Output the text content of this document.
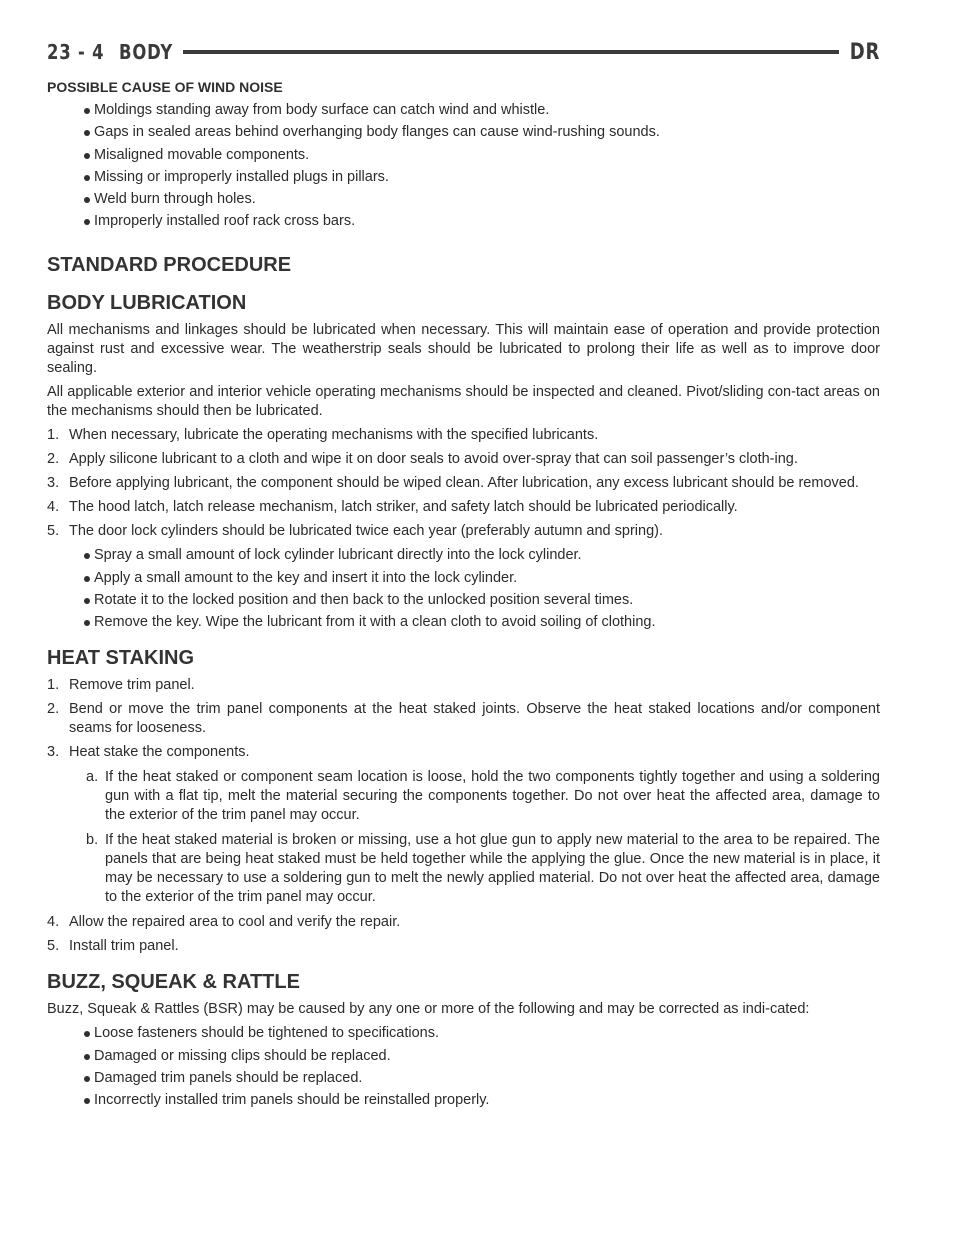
23 - 4 BODY	DR
POSSIBLE CAUSE OF WIND NOISE
Moldings standing away from body surface can catch wind and whistle.
Gaps in sealed areas behind overhanging body flanges can cause wind-rushing sounds.
Misaligned movable components.
Missing or improperly installed plugs in pillars.
Weld burn through holes.
Improperly installed roof rack cross bars.
STANDARD PROCEDURE
BODY LUBRICATION

All mechanisms and linkages should be lubricated when necessary. This will maintain ease of operation and provide protection against rust and excessive wear. The weatherstrip seals should be lubricated to prolong their life as well as to improve door sealing.

All applicable exterior and interior vehicle operating mechanisms should be inspected and cleaned. Pivot/sliding con-tact areas on the mechanisms should then be lubricated.

1. When necessary, lubricate the operating mechanisms with the specified lubricants.
2. Apply silicone lubricant to a cloth and wipe it on door seals to avoid over-spray that can soil passenger’s cloth-ing.
3. Before applying lubricant, the component should be wiped clean. After lubrication, any excess lubricant should be removed.
4. The hood latch, latch release mechanism, latch striker, and safety latch should be lubricated periodically.
5. The door lock cylinders should be lubricated twice each year (preferably autumn and spring).
Spray a small amount of lock cylinder lubricant directly into the lock cylinder.
Apply a small amount to the key and insert it into the lock cylinder.
Rotate it to the locked position and then back to the unlocked position several times.
Remove the key. Wipe the lubricant from it with a clean cloth to avoid soiling of clothing.
HEAT STAKING
1. Remove trim panel.
2. Bend or move the trim panel components at the heat staked joints. Observe the heat staked locations and/or component seams for looseness.
3. Heat stake the components.
a. If the heat staked or component seam location is loose, hold the two components tightly together and using a soldering gun with a flat tip, melt the material securing the components together. Do not over heat the affected area, damage to the exterior of the trim panel may occur.
b. If the heat staked material is broken or missing, use a hot glue gun to apply new material to the area to be repaired. The panels that are being heat staked must be held together while the applying the glue. Once the new material is in place, it may be necessary to use a soldering gun to melt the newly applied material. Do not over heat the affected area, damage to the exterior of the trim panel may occur.
4. Allow the repaired area to cool and verify the repair.
5. Install trim panel.
BUZZ, SQUEAK & RATTLE

Buzz, Squeak & Rattles (BSR) may be caused by any one or more of the following and may be corrected as indi-cated:

Loose fasteners should be tightened to specifications.
Damaged or missing clips should be replaced.
Damaged trim panels should be replaced.
Incorrectly installed trim panels should be reinstalled properly.
